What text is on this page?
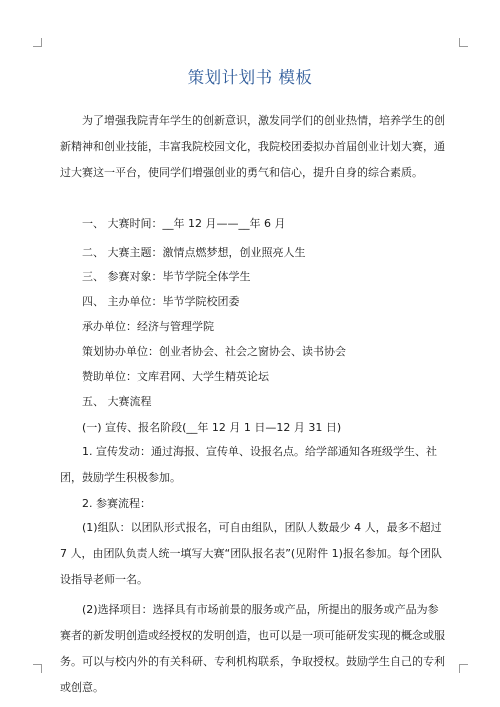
策划计划书 模板

为了增强我院青年学生的创新意识，激发同学们的创业热情，培养学生的创新精神和创业技能，丰富我院校园文化，我院校团委拟办首届创业计划大赛，通过大赛这一平台，使同学们增强创业的勇气和信心，提升自身的综合素质。

一、 大赛时间：__年 12 月——__年 6 月
二、 大赛主题：激情点燃梦想，创业照亮人生
三、 参赛对象：毕节学院全体学生
四、 主办单位：毕节学院校团委
承办单位：经济与管理学院
策划协办单位：创业者协会、社会之窗协会、读书协会
赞助单位：文库君网、大学生精英论坛
五、 大赛流程
(一) 宣传、报名阶段(__年 12 月 1 日—12 月 31 日)

1. 宣传发动：通过海报、宣传单、设报名点。给学部通知各班级学生、社团，鼓励学生积极参加。

2. 参赛流程：

(1)组队：以团队形式报名，可自由组队，团队人数最少 4 人，最多不超过 7 人，由团队负责人统一填写大赛“团队报名表”(见附件 1)报名参加。每个团队设指导老师一名。

(2)选择项目：选择具有市场前景的服务或产品，所提出的服务或产品为参赛者的新发明创造或经授权的发明创造，也可以是一项可能研发实现的概念或服务。可以与校内外的有关科研、专利机构联系，争取授权。鼓励学生自己的专利或创意。
